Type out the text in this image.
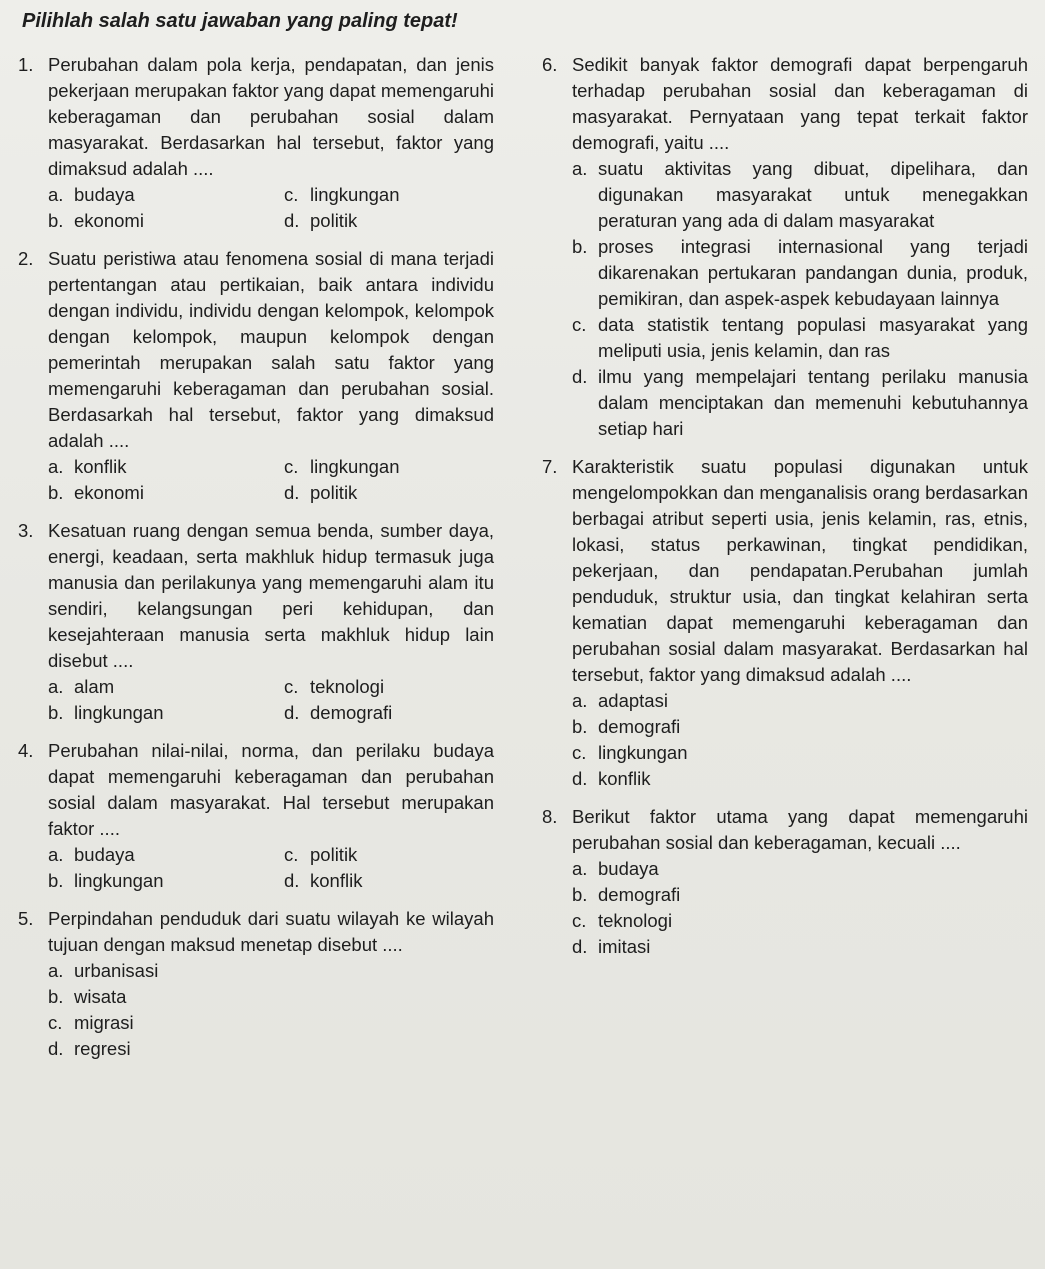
Pilihlah salah satu jawaban yang paling tepat!
1. Perubahan dalam pola kerja, pendapatan, dan jenis pekerjaan merupakan faktor yang dapat memengaruhi keberagaman dan perubahan sosial dalam masyarakat. Berdasarkan hal tersebut, faktor yang dimaksud adalah ....
a. budaya	c. lingkungan
b. ekonomi	d. politik
2. Suatu peristiwa atau fenomena sosial di mana terjadi pertentangan atau pertikaian, baik antara individu dengan individu, individu dengan kelompok, kelompok dengan kelompok, maupun kelompok dengan pemerintah merupakan salah satu faktor yang memengaruhi keberagaman dan perubahan sosial. Berdasarkah hal tersebut, faktor yang dimaksud adalah ....
a. konflik	c. lingkungan
b. ekonomi	d. politik
3. Kesatuan ruang dengan semua benda, sumber daya, energi, keadaan, serta makhluk hidup termasuk juga manusia dan perilakunya yang memengaruhi alam itu sendiri, kelangsungan peri kehidupan, dan kesejahteraan manusia serta makhluk hidup lain disebut ....
a. alam	c. teknologi
b. lingkungan	d. demografi
4. Perubahan nilai-nilai, norma, dan perilaku budaya dapat memengaruhi keberagaman dan perubahan sosial dalam masyarakat. Hal tersebut merupakan faktor ....
a. budaya	c. politik
b. lingkungan	d. konflik
5. Perpindahan penduduk dari suatu wilayah ke wilayah tujuan dengan maksud menetap disebut ....
a. urbanisasi
b. wisata
c. migrasi
d. regresi
6. Sedikit banyak faktor demografi dapat berpengaruh terhadap perubahan sosial dan keberagaman di masyarakat. Pernyataan yang tepat terkait faktor demografi, yaitu ....
a. suatu aktivitas yang dibuat, dipelihara, dan digunakan masyarakat untuk menegakkan peraturan yang ada di dalam masyarakat
b. proses integrasi internasional yang terjadi dikarenakan pertukaran pandangan dunia, produk, pemikiran, dan aspek-aspek kebudayaan lainnya
c. data statistik tentang populasi masyarakat yang meliputi usia, jenis kelamin, dan ras
d. ilmu yang mempelajari tentang perilaku manusia dalam menciptakan dan memenuhi kebutuhannya setiap hari
7. Karakteristik suatu populasi digunakan untuk mengelompokkan dan menganalisis orang berdasarkan berbagai atribut seperti usia, jenis kelamin, ras, etnis, lokasi, status perkawinan, tingkat pendidikan, pekerjaan, dan pendapatan.Perubahan jumlah penduduk, struktur usia, dan tingkat kelahiran serta kematian dapat memengaruhi keberagaman dan perubahan sosial dalam masyarakat. Berdasarkan hal tersebut, faktor yang dimaksud adalah ....
a. adaptasi
b. demografi
c. lingkungan
d. konflik
8. Berikut faktor utama yang dapat memengaruhi perubahan sosial dan keberagaman, kecuali ....
a. budaya
b. demografi
c. teknologi
d. imitasi
